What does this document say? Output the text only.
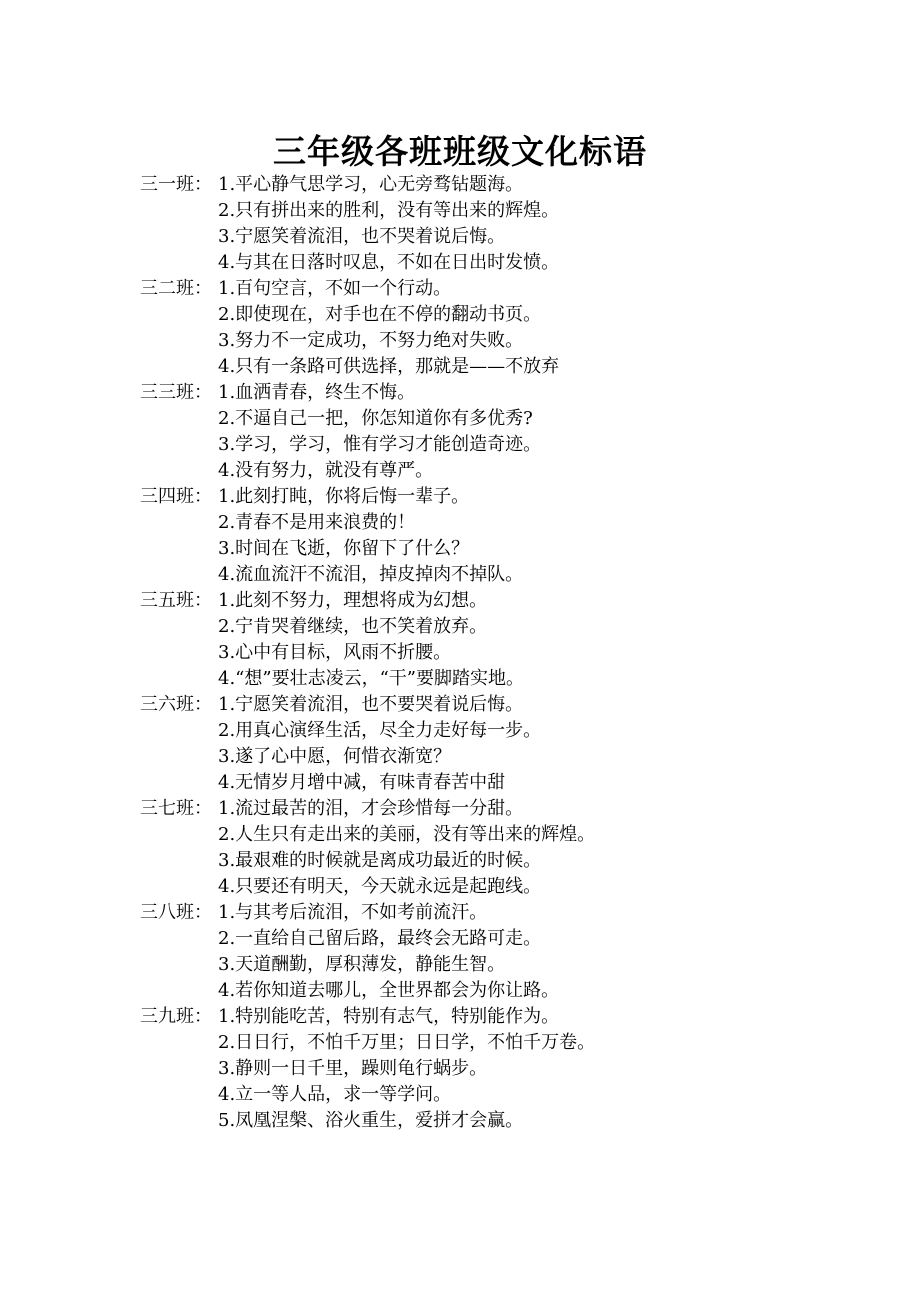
三年级各班班级文化标语
三一班： 1.平心静气思学习，心无旁骛钻题海。
2.只有拼出来的胜利，没有等出来的辉煌。
3.宁愿笑着流泪，也不哭着说后悔。
4.与其在日落时叹息，不如在日出时发愤。
三二班： 1.百句空言，不如一个行动。
2.即使现在，对手也在不停的翻动书页。
3.努力不一定成功，不努力绝对失败。
4.只有一条路可供选择，那就是——不放弃
三三班： 1.血洒青春，终生不悔。
2.不逼自己一把，你怎知道你有多优秀?
3.学习，学习，惟有学习才能创造奇迹。
4.没有努力，就没有尊严。
三四班： 1.此刻打盹，你将后悔一辈子。
2.青春不是用来浪费的！
3.时间在飞逝，你留下了什么？
4.流血流汗不流泪，掉皮掉肉不掉队。
三五班： 1.此刻不努力，理想将成为幻想。
2.宁肯哭着继续，也不笑着放弃。
3.心中有目标，风雨不折腰。
4.“想”要壮志凌云，“干”要脚踏实地。
三六班： 1.宁愿笑着流泪，也不要哭着说后悔。
2.用真心演绎生活，尽全力走好每一步。
3.遂了心中愿，何惜衣渐宽？
4.无情岁月增中减，有味青春苦中甜
三七班： 1.流过最苦的泪，才会珍惜每一分甜。
2.人生只有走出来的美丽，没有等出来的辉煌。
3.最艰难的时候就是离成功最近的时候。
4.只要还有明天，今天就永远是起跑线。
三八班： 1.与其考后流泪，不如考前流汗。
2.一直给自己留后路，最终会无路可走。
3.天道酬勤，厚积薄发，静能生智。
4.若你知道去哪儿，全世界都会为你让路。
三九班： 1.特别能吃苦，特别有志气，特别能作为。
2.日日行，不怕千万里；日日学，不怕千万卷。
3.静则一日千里，躁则龟行蜗步。
4.立一等人品，求一等学问。
5.凤凰涅槃、浴火重生，爱拼才会赢。
